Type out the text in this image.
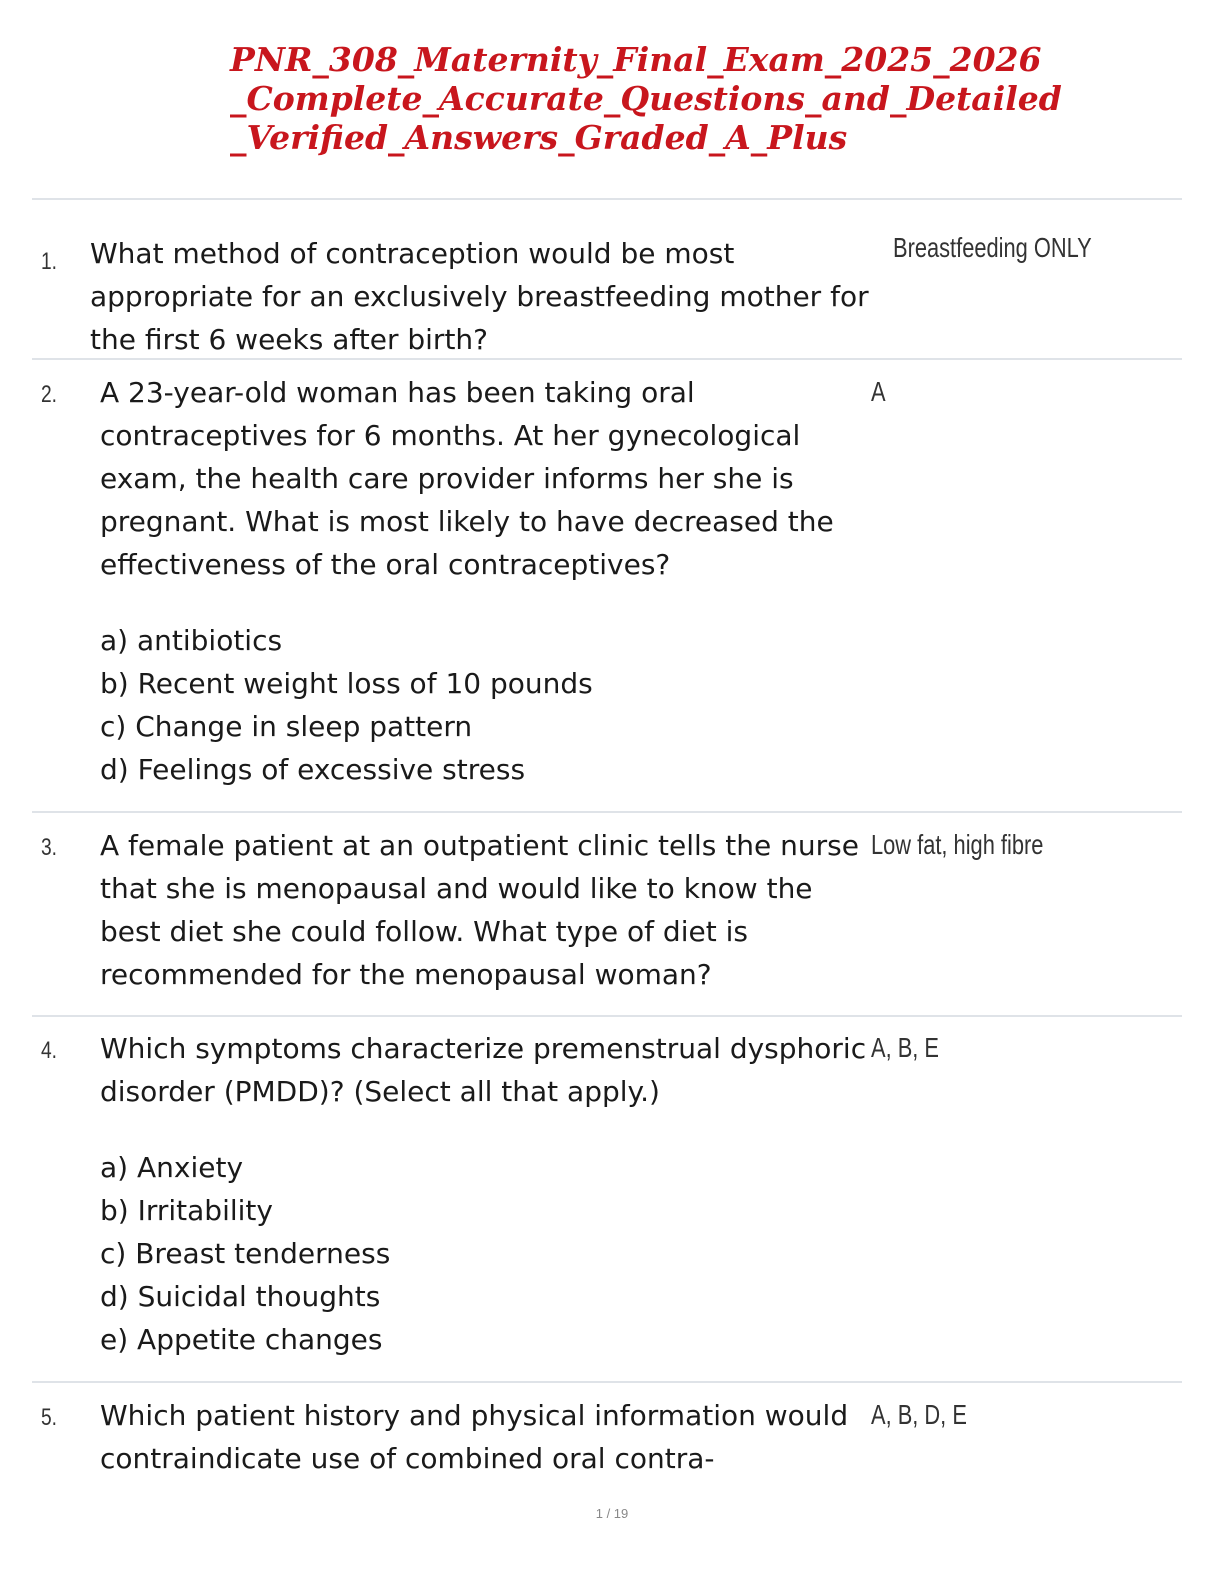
PNR_308_Maternity_Final_Exam_2025_2026
_Complete_Accurate_Questions_and_Detailed
_Verified_Answers_Graded_A_Plus
1. What method of contraception would be most appropriate for an exclusively breastfeeding mother for the first 6 weeks after birth?

Breastfeeding ONLY
2. A 23-year-old woman has been taking oral contraceptives for 6 months. At her gynecological exam, the health care provider informs her she is pregnant. What is most likely to have decreased the effectiveness of the oral contraceptives?

a) antibiotics
b) Recent weight loss of 10 pounds
c) Change in sleep pattern
d) Feelings of excessive stress
A
3. A female patient at an outpatient clinic tells the nurse that she is menopausal and would like to know the best diet she could follow. What type of diet is recommended for the menopausal woman?

Low fat, high fibre
4. Which symptoms characterize premenstrual dysphoric disorder (PMDD)? (Select all that apply.)

a) Anxiety
b) Irritability
c) Breast tenderness
d) Suicidal thoughts
e) Appetite changes
A, B, E
5. Which patient history and physical information would contraindicate use of combined oral contra-

A, B, D, E
1 / 19
